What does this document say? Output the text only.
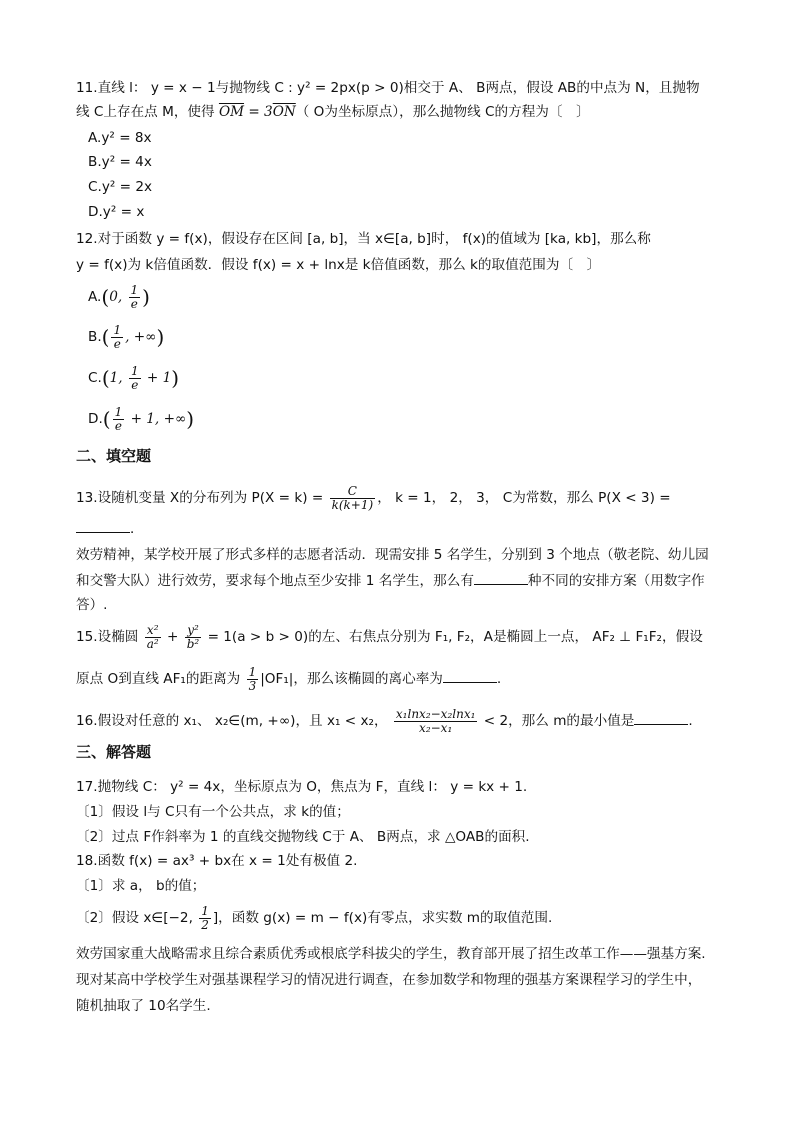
11.直线 l： y = x − 1与抛物线 C : y² = 2px(p > 0)相交于 A、 B两点，假设 AB的中点为 N，且抛物
线 C上存在点 M，使得 $\overline{OM} = 3\overline{ON}$（ O为坐标原点），那么抛物线 C的方程为〔　〕
A.y² = 8x
B.y² = 4x
C.y² = 2x
D.y² = x
12.对于函数 y = f(x)，假设存在区间 [a, b]，当 x∈[a, b]时， f(x)的值域为 [ka, kb]，那么称
y = f(x)为 k倍值函数．假设 f(x) = x + lnx是 k倍值函数，那么 k的取值范围为〔　〕
A.(0, $\frac{1}{e}$ )
$B.( \frac{1}{e}$ , +∞)
C.(1, $\frac{1}{e} + 1$)
$D.( \frac{1}{e} + 1$, +∞)
二、填空题
13.设随机变量 X的分布列为 $P(X = k) = \frac{C}{k(k+1)}$ ， k = 1， 2， 3， C为常数，那么 P(X < 3) =
．
效劳精神，某学校开展了形式多样的志愿者活动．现需安排 5 名学生，分别到 3 个地点（敬老院、幼儿园
和交警大队）进行效劳，要求每个地点至少安排 1 名学生，那么有	种不同的安排方案（用数字作
答）.
15.设椭圆 $\frac{\text{x²}}{\text{a²}} + \frac{\text{y²}}{\text{b²}} = 1(a > b > 0)$的左、右焦点分别为 F₁, F₂，A是椭圆上一点， AF₂ ⊥ F₁F₂，假设
原点 O到直线 AF₁的距离为 $\frac{1}{3} |OF_1|$，那么该椭圆的离心率为	.
16.假设对任意的 x₁、 x₂∈(m, +∞)，且 x₁ < x₂， $\frac{\text{x₁lnx₂−x₂lnx₁}}{\text{x₂−x₁}} < 2$，那么 m的最小值是	.
三、解答题
17.抛物线 C： y² = 4x，坐标原点为 O，焦点为 F，直线 l： y = kx + 1.
〔1〕假设 l与 C只有一个公共点，求 k的值；
〔2〕过点 F作斜率为 1 的直线交抛物线 C于 A、 B两点，求 △OAB的面积.
18.函数 f(x) = ax³ + bx在 x = 1处有极值 2.
〔1〕求 a， b的值；
〔2〕假设 x∈[−2, $\frac{1}{2}$ ]，函数 g(x) = m − f(x)有零点，求实数 m的取值范围.
效劳国家重大战略需求且综合素质优秀或根底学科拔尖的学生，教育部开展了招生改革工作——强基方案.
现对某高中学校学生对强基课程学习的情况进行调查，在参加数学和物理的强基方案课程学习的学生中，
随机抽取了 10名学生.
